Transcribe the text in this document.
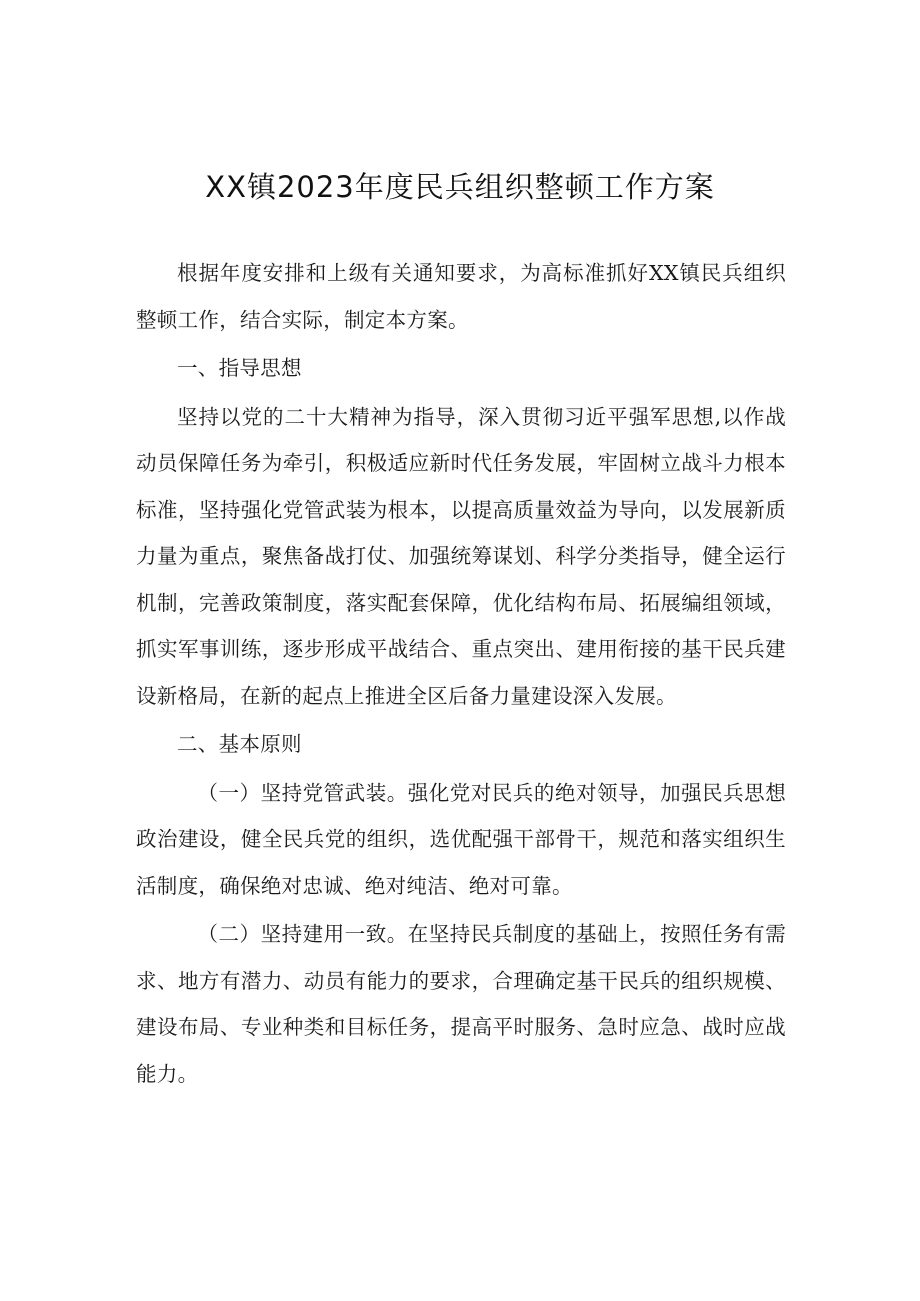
XX镇2023年度民兵组织整顿工作方案

根据年度安排和上级有关通知要求，为高标准抓好XX镇民兵组织整顿工作，结合实际，制定本方案。

一、指导思想

坚持以党的二十大精神为指导，深入贯彻习近平强军思想,以作战动员保障任务为牵引，积极适应新时代任务发展，牢固树立战斗力根本标准，坚持强化党管武装为根本，以提高质量效益为导向，以发展新质力量为重点，聚焦备战打仗、加强统筹谋划、科学分类指导，健全运行机制，完善政策制度，落实配套保障，优化结构布局、拓展编组领域，抓实军事训练，逐步形成平战结合、重点突出、建用衔接的基干民兵建设新格局，在新的起点上推进全区后备力量建设深入发展。

二、基本原则

（一）坚持党管武装。强化党对民兵的绝对领导，加强民兵思想政治建设，健全民兵党的组织，选优配强干部骨干，规范和落实组织生活制度，确保绝对忠诚、绝对纯洁、绝对可靠。

（二）坚持建用一致。在坚持民兵制度的基础上，按照任务有需求、地方有潜力、动员有能力的要求，合理确定基干民兵的组织规模、建设布局、专业种类和目标任务，提高平时服务、急时应急、战时应战能力。
